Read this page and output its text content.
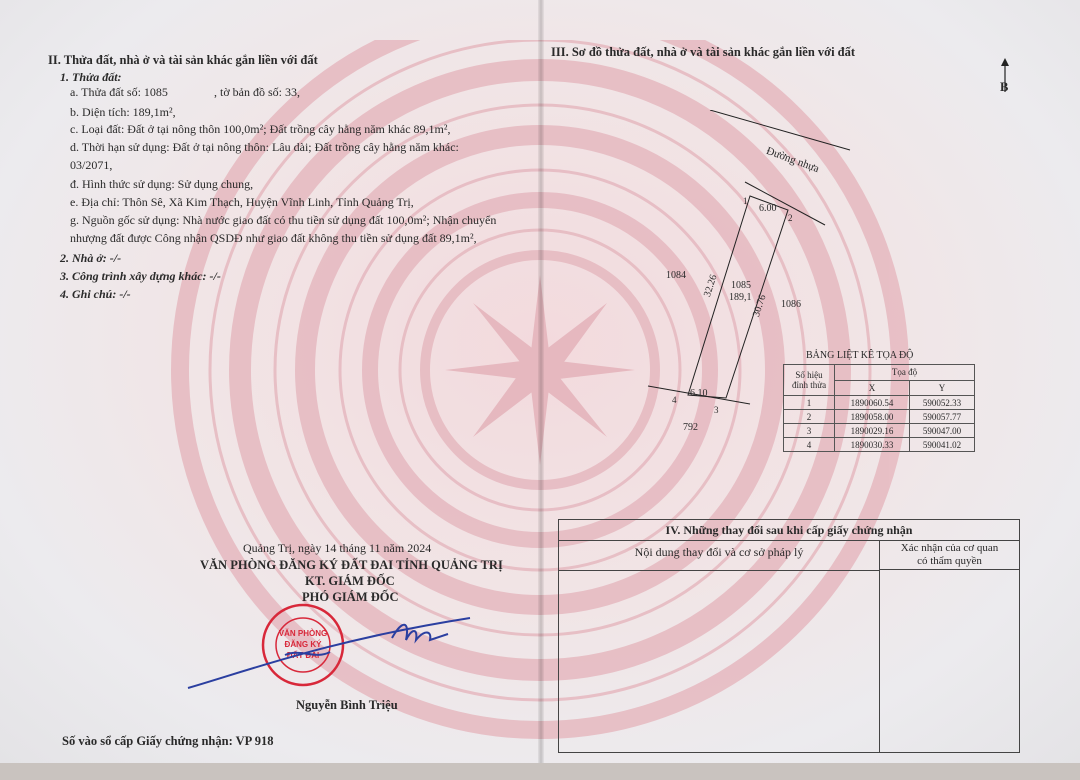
II. Thửa đất, nhà ở và tài sản khác gắn liền với đất
1. Thửa đất:
a. Thửa đất số: 1085	, tờ bản đồ số: 33,
b. Diện tích: 189,1m²,
c. Loại đất: Đất ở tại nông thôn 100,0m²; Đất trồng cây hằng năm khác 89,1m²,
d. Thời hạn sử dụng: Đất ở tại nông thôn: Lâu dài; Đất trồng cây hằng năm khác:
03/2071,
đ. Hình thức sử dụng: Sử dụng chung,
e. Địa chỉ: Thôn Sê, Xã Kim Thạch, Huyện Vĩnh Linh, Tỉnh Quảng Trị,
g. Nguồn gốc sử dụng: Nhà nước giao đất có thu tiền sử dụng đất 100,0m²; Nhận chuyển
nhượng đất được Công nhận QSDĐ như giao đất không thu tiền sử dụng đất 89,1m²,
2. Nhà ở: -/-
3. Công trình xây dựng khác: -/-
4. Ghi chú: -/-
Quảng Trị, ngày 14 tháng 11 năm 2024
VĂN PHÒNG ĐĂNG KÝ ĐẤT ĐAI TỈNH QUẢNG TRỊ
KT. GIÁM ĐỐC
PHÓ GIÁM ĐỐC
VĂN PHÒNG
ĐĂNG KÝ
ĐẤT ĐAI
Nguyễn Bình Triệu
Số vào sổ cấp Giấy chứng nhận: VP 918
III. Sơ đồ thửa đất, nhà ở và tài sản khác gắn liền với đất
B
Đường nhựa
6.00
1
2
3
4
6.10
32.26
30.76
1085
189,1
1084
1086
792
BẢNG LIỆT KÊ TỌA ĐỘ
Số hiệu đỉnh thửa	Tọa độ	
	X	Y
1	1890060.54	590052.33
2	1890058.00	590057.77
3	1890029.16	590047.00
4	1890030.33	590041.02
IV. Những thay đổi sau khi cấp giấy chứng nhận
Nội dung thay đổi và cơ sở pháp lý	Xác nhận của cơ quan
có thẩm quyền
